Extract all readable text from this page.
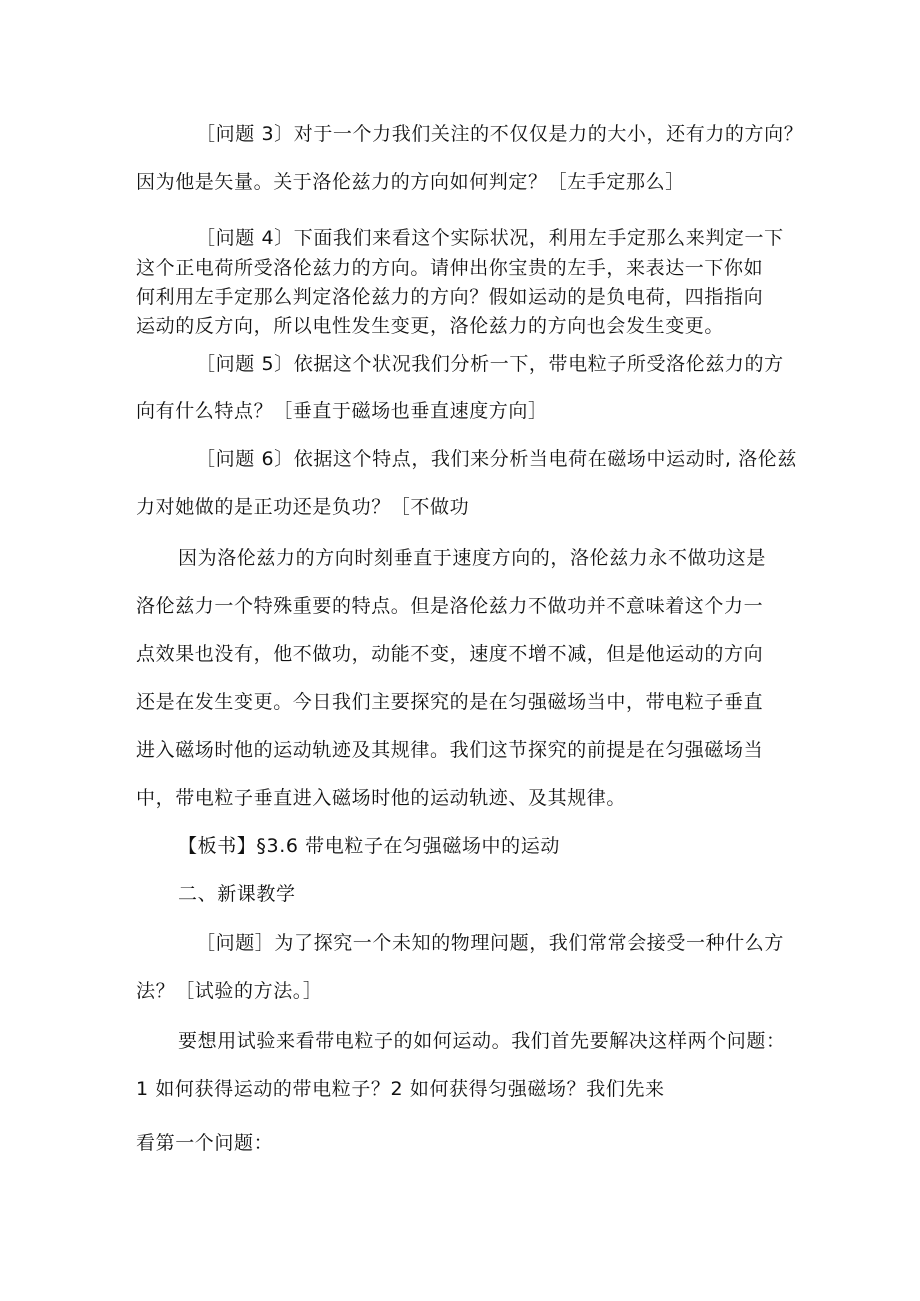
［问题 3〕对于一个力我们关注的不仅仅是力的大小，还有力的方向？
因为他是矢量。关于洛伦兹力的方向如何判定？［左手定那么］
［问题 4〕下面我们来看这个实际状况，利用左手定那么来判定一下
这个正电荷所受洛伦兹力的方向。请伸出你宝贵的左手，来表达一下你如
何利用左手定那么判定洛伦兹力的方向？假如运动的是负电荷，四指指向
运动的反方向，所以电性发生变更，洛伦兹力的方向也会发生变更。
［问题 5〕依据这个状况我们分析一下，带电粒子所受洛伦兹力的方
向有什么特点？［垂直于磁场也垂直速度方向］
［问题 6〕依据这个特点，我们来分析当电荷在磁场中运动时, 洛伦兹
力对她做的是正功还是负功？［不做功
因为洛伦兹力的方向时刻垂直于速度方向的，洛伦兹力永不做功这是
洛伦兹力一个特殊重要的特点。但是洛伦兹力不做功并不意味着这个力一
点效果也没有，他不做功，动能不变，速度不增不减，但是他运动的方向
还是在发生变更。今日我们主要探究的是在匀强磁场当中，带电粒子垂直
进入磁场时他的运动轨迹及其规律。我们这节探究的前提是在匀强磁场当
中，带电粒子垂直进入磁场时他的运动轨迹、及其规律。
【板书】§3.6 带电粒子在匀强磁场中的运动
二、新课教学
［问题］为了探究一个未知的物理问题，我们常常会接受一种什么方
法？［试验的方法。］
要想用试验来看带电粒子的如何运动。我们首先要解决这样两个问题：
1 如何获得运动的带电粒子？2 如何获得匀强磁场？我们先来
看第一个问题：
